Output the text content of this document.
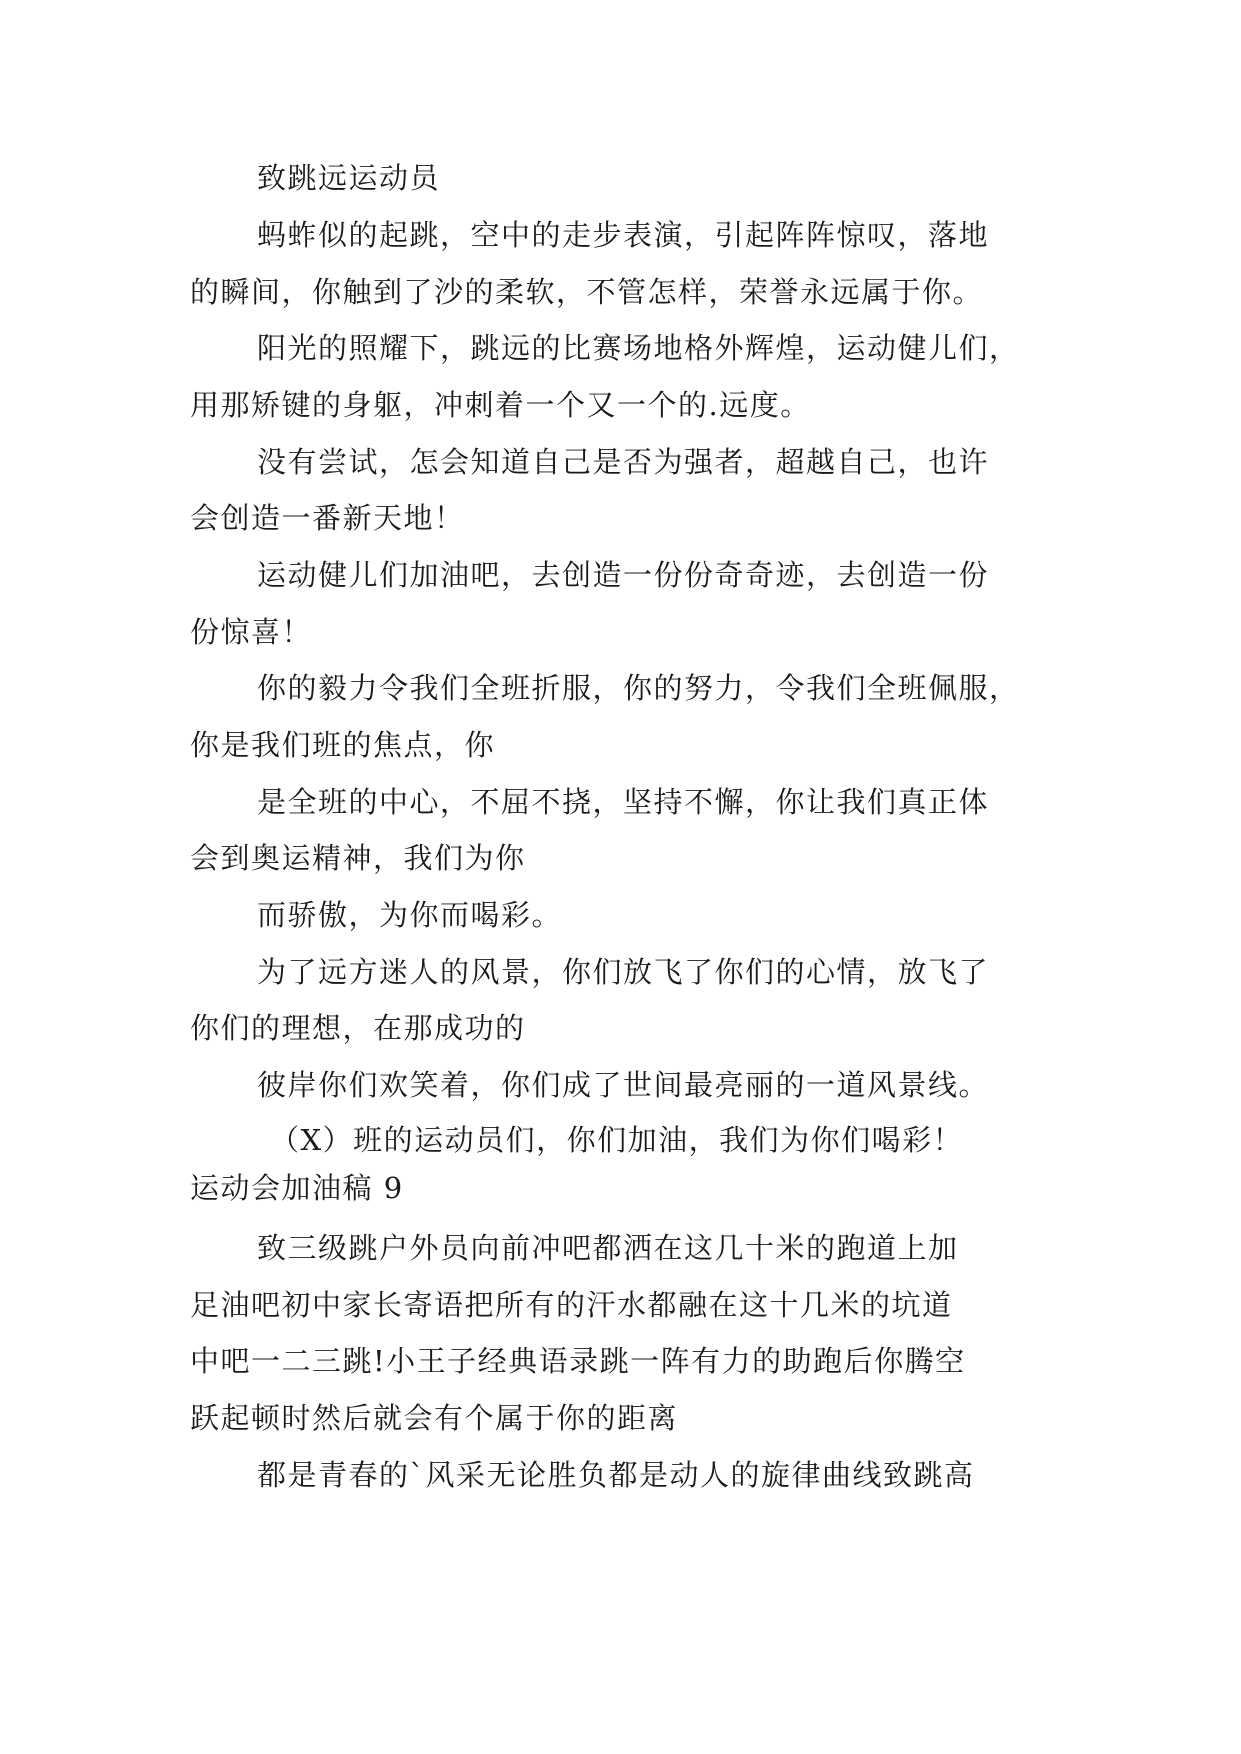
致跳远运动员
蚂蚱似的起跳，空中的走步表演，引起阵阵惊叹，落地
的瞬间，你触到了沙的柔软，不管怎样，荣誉永远属于你。
阳光的照耀下，跳远的比赛场地格外辉煌，运动健儿们，
用那矫键的身躯，冲刺着一个又一个的.远度。
没有尝试，怎会知道自己是否为强者，超越自己，也许
会创造一番新天地！
运动健儿们加油吧，去创造一份份奇奇迹，去创造一份
份惊喜！
你的毅力令我们全班折服，你的努力，令我们全班佩服，
你是我们班的焦点，你
是全班的中心，不屈不挠，坚持不懈，你让我们真正体
会到奥运精神，我们为你
而骄傲，为你而喝彩。
为了远方迷人的风景，你们放飞了你们的心情，放飞了
你们的理想，在那成功的
彼岸你们欢笑着，你们成了世间最亮丽的一道风景线。
（X）班的运动员们，你们加油，我们为你们喝彩！
运动会加油稿 9
致三级跳户外员向前冲吧都洒在这几十米的跑道上加
足油吧初中家长寄语把所有的汗水都融在这十几米的坑道
中吧一二三跳!小王子经典语录跳一阵有力的助跑后你腾空
跃起顿时然后就会有个属于你的距离
都是青春的`风采无论胜负都是动人的旋律曲线致跳高
